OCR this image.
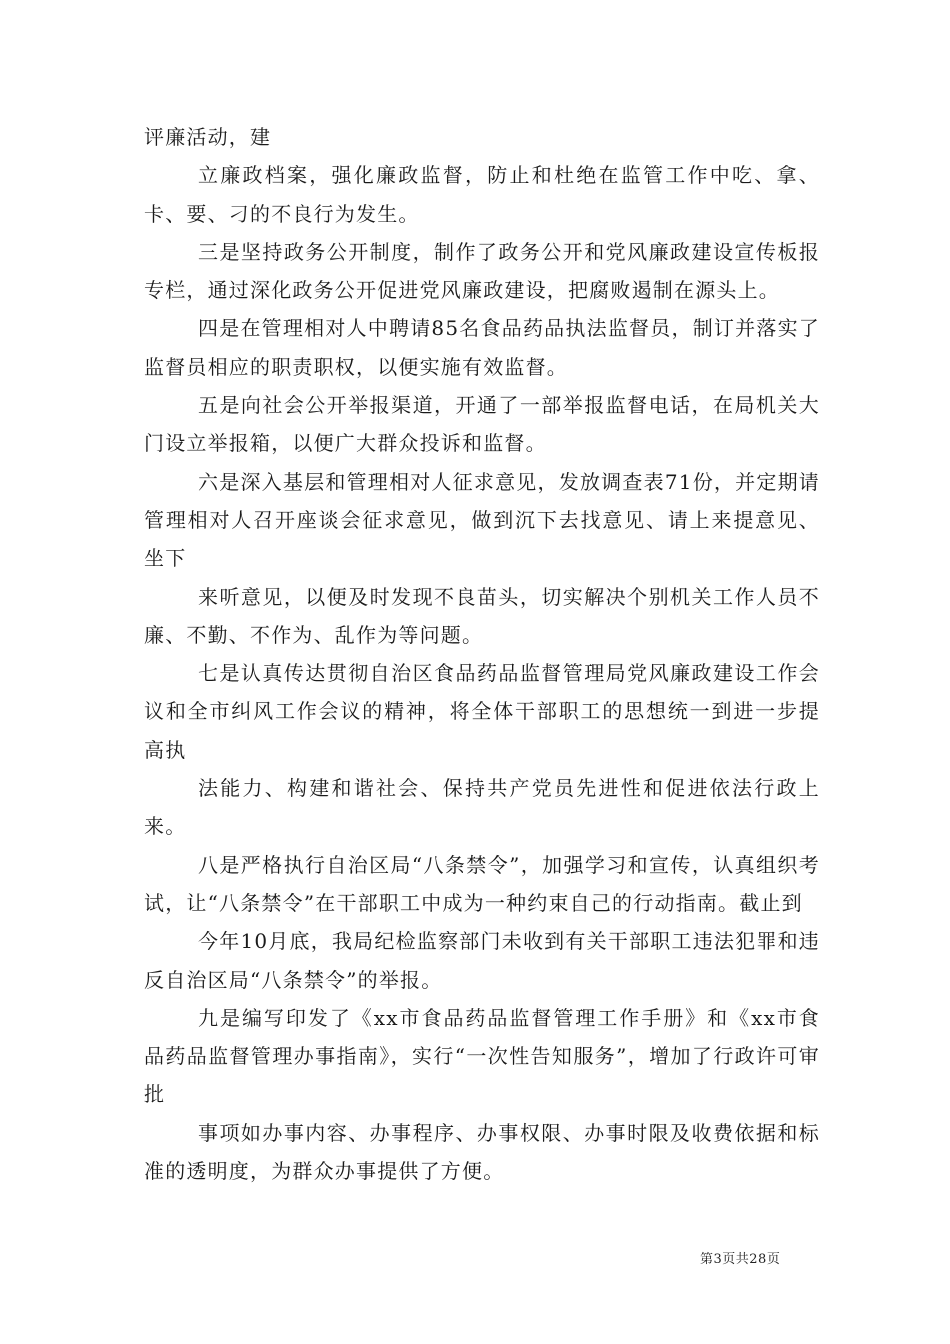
评廉活动，建

立廉政档案，强化廉政监督，防止和杜绝在监管工作中吃、拿、卡、要、刁的不良行为发生。

三是坚持政务公开制度，制作了政务公开和党风廉政建设宣传板报专栏，通过深化政务公开促进党风廉政建设，把腐败遏制在源头上。

四是在管理相对人中聘请85名食品药品执法监督员，制订并落实了监督员相应的职责职权，以便实施有效监督。

五是向社会公开举报渠道，开通了一部举报监督电话，在局机关大门设立举报箱，以便广大群众投诉和监督。

六是深入基层和管理相对人征求意见，发放调查表71份，并定期请管理相对人召开座谈会征求意见，做到沉下去找意见、请上来提意见、坐下

来听意见，以便及时发现不良苗头，切实解决个别机关工作人员不廉、不勤、不作为、乱作为等问题。

七是认真传达贯彻自治区食品药品监督管理局党风廉政建设工作会议和全市纠风工作会议的精神，将全体干部职工的思想统一到进一步提高执

法能力、构建和谐社会、保持共产党员先进性和促进依法行政上来。

八是严格执行自治区局“八条禁令”，加强学习和宣传，认真组织考试，让“八条禁令”在干部职工中成为一种约束自己的行动指南。截止到

今年10月底，我局纪检监察部门未收到有关干部职工违法犯罪和违反自治区局“八条禁令”的举报。

九是编写印发了《xx市食品药品监督管理工作手册》和《xx市食品药品监督管理办事指南》，实行“一次性告知服务”，增加了行政许可审批

事项如办事内容、办事程序、办事权限、办事时限及收费依据和标准的透明度，为群众办事提供了方便。

第3页共28页
